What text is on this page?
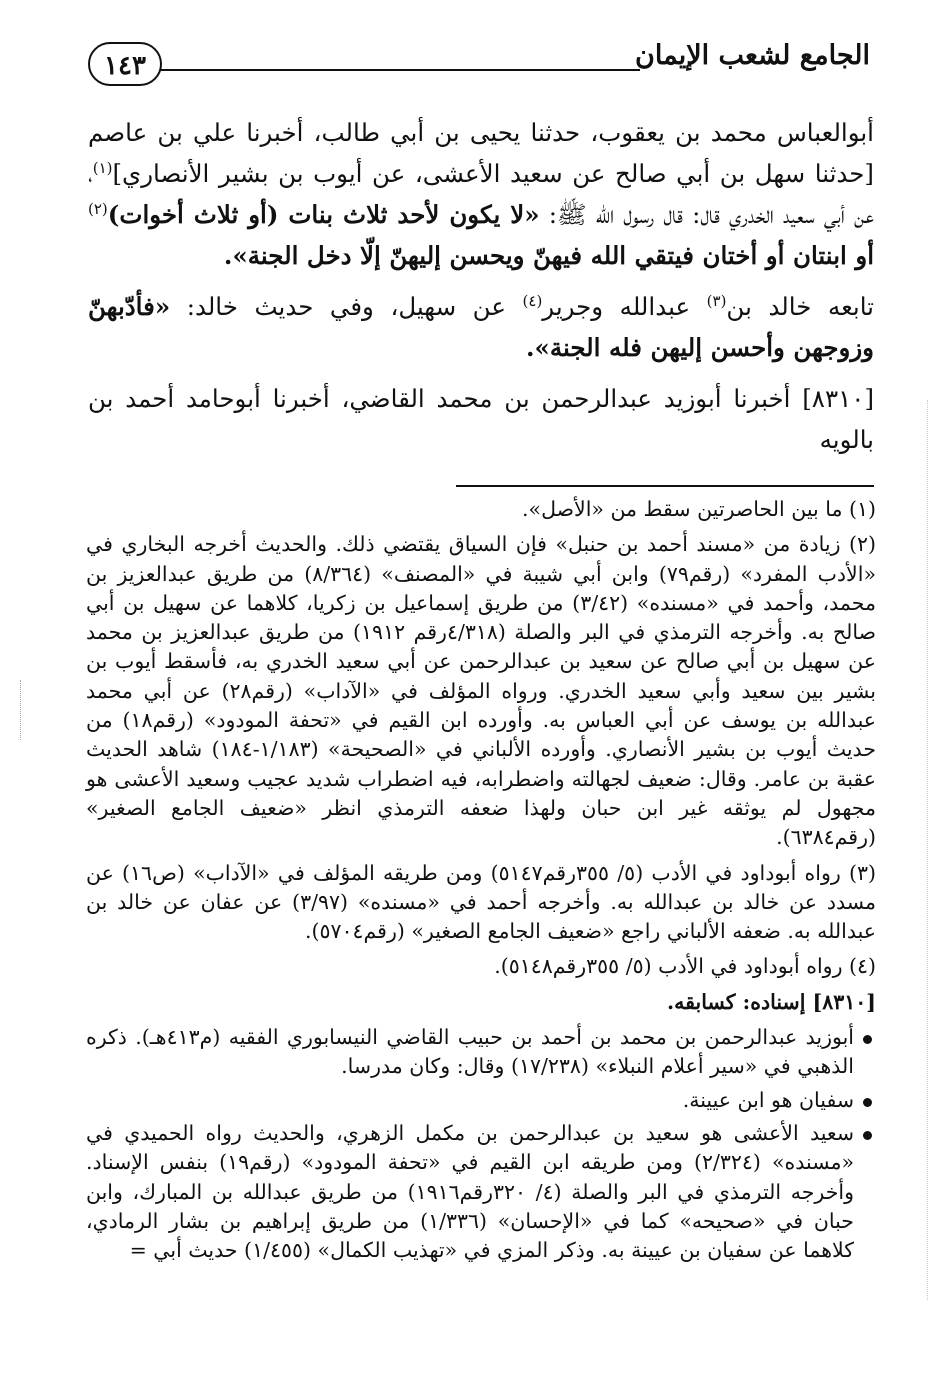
الجامع لشعب الإيمان
١٤٣

أبوالعباس محمد بن يعقوب، حدثنا يحيى بن أبي طالب، أخبرنا علي بن عاصم [حدثنا سهل بن أبي صالح عن سعيد الأعشى، عن أيوب بن بشير الأنصاري]$^{(١)}$، عن أبي سعيد الخدري قال: قال رسول الله ﷺ: «لا يكون لأحد ثلاث بنات (أو ثلاث أخوات)$^{(٢)}$ أو ابنتان أو أختان فيتقي الله فيهنّ ويحسن إليهنّ إلّا دخل الجنة».

تابعه خالد بن$^{(٣)}$ عبدالله وجرير$^{(٤)}$ عن سهيل، وفي حديث خالد: «فأدّبهنّ وزوجهن وأحسن إليهن فله الجنة».

[٨٣١٠] أخبرنا أبوزيد عبدالرحمن بن محمد القاضي، أخبرنا أبوحامد أحمد بن بالويه

(١) ما بين الحاصرتين سقط من «الأصل».

(٢) زيادة من «مسند أحمد بن حنبل» فإن السياق يقتضي ذلك. والحديث أخرجه البخاري في «الأدب المفرد» (رقم٧٩) وابن أبي شيبة في «المصنف» (٨/٣٦٤) من طريق عبدالعزيز بن محمد، وأحمد في «مسنده» (٣/٤٢) من طريق إسماعيل بن زكريا، كلاهما عن سهيل بن أبي صالح به. وأخرجه الترمذي في البر والصلة (٤/٣١٨رقم ١٩١٢) من طريق عبدالعزيز بن محمد عن سهيل بن أبي صالح عن سعيد بن عبدالرحمن عن أبي سعيد الخدري به، فأسقط أيوب بن بشير بين سعيد وأبي سعيد الخدري. ورواه المؤلف في «الآداب» (رقم٢٨) عن أبي محمد عبدالله بن يوسف عن أبي العباس به. وأورده ابن القيم في «تحفة المودود» (رقم١٨) من حديث أيوب بن بشير الأنصاري. وأورده الألباني في «الصحيحة» (١/١٨٣-١٨٤) شاهد الحديث عقبة بن عامر. وقال: ضعيف لجهالته واضطرابه، فيه اضطراب شديد عجيب وسعيد الأعشى هو مجهول لم يوثقه غير ابن حبان ولهذا ضعفه الترمذي انظر «ضعيف الجامع الصغير» (رقم٦٣٨٤).

(٣) رواه أبوداود في الأدب (٥/ ٣٥٥رقم٥١٤٧) ومن طريقه المؤلف في «الآداب» (ص١٦) عن مسدد عن خالد بن عبدالله به. وأخرجه أحمد في «مسنده» (٣/٩٧) عن عفان عن خالد بن عبدالله به. ضعفه الألباني راجع «ضعيف الجامع الصغير» (رقم٥٧٠٤).

(٤) رواه أبوداود في الأدب (٥/ ٣٥٥رقم٥١٤٨).

[٨٣١٠] إسناده: كسابقه.

أبوزيد عبدالرحمن بن محمد بن أحمد بن حبيب القاضي النيسابوري الفقيه (م٤١٣هـ). ذكره الذهبي في «سير أعلام النبلاء» (١٧/٢٣٨) وقال: وكان مدرسا.
سفيان هو ابن عيينة.
سعيد الأعشى هو سعيد بن عبدالرحمن بن مكمل الزهري، والحديث رواه الحميدي في «مسنده» (٢/٣٢٤) ومن طريقه ابن القيم في «تحفة المودود» (رقم١٩) بنفس الإسناد. وأخرجه الترمذي في البر والصلة (٤/ ٣٢٠رقم١٩١٦) من طريق عبدالله بن المبارك، وابن حبان في «صحيحه» كما في «الإحسان» (١/٣٣٦) من طريق إبراهيم بن بشار الرمادي، كلاهما عن سفيان بن عيينة به. وذكر المزي في «تهذيب الكمال» (١/٤٥٥) حديث أبي =
